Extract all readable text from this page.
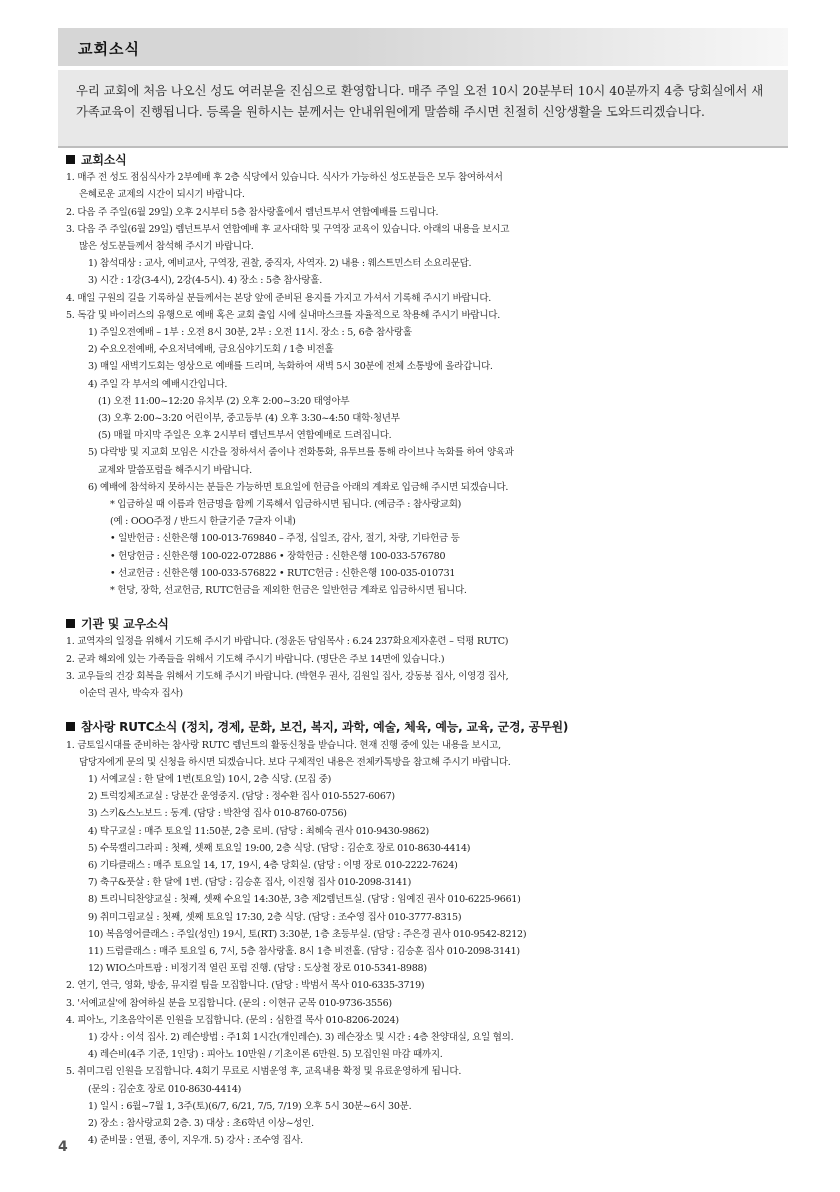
교회소식

우리 교회에 처음 나오신 성도 여러분을 진심으로 환영합니다. 매주 주일 오전 10시 20분부터 10시 40분까지 4층 당회실에서 새가족교육이 진행됩니다. 등록을 원하시는 분께서는 안내위원에게 말씀해 주시면 친절히 신앙생활을 도와드리겠습니다.

교회소식
1. 매주 전 성도 점심식사가 2부예배 후 2층 식당에서 있습니다. 식사가 가능하신 성도분들은 모두 참여하셔서
은혜로운 교제의 시간이 되시기 바랍니다.
2. 다음 주 주일(6월 29일) 오후 2시부터 5층 참사랑홀에서 렘넌트부서 연합예배를 드립니다.
3. 다음 주 주일(6월 29일) 렘넌트부서 연합예배 후 교사대학 및 구역장 교육이 있습니다. 아래의 내용을 보시고
많은 성도분들께서 참석해 주시기 바랍니다.
1) 참석대상 : 교사, 예비교사, 구역장, 권찰, 중직자, 사역자. 2) 내용 : 웨스트민스터 소요리문답.
3) 시간 : 1강(3-4시), 2강(4-5시). 4) 장소 : 5층 참사랑홀.
4. 매일 구원의 길을 기록하실 분들께서는 본당 앞에 준비된 용지를 가지고 가셔서 기록해 주시기 바랍니다.
5. 독감 및 바이러스의 유행으로 예배 혹은 교회 출입 시에 실내마스크를 자율적으로 착용해 주시기 바랍니다.
1) 주일오전예배 – 1부 : 오전 8시 30분, 2부 : 오전 11시. 장소 : 5, 6층 참사랑홀
2) 수요오전예배, 수요저녁예배, 금요심야기도회 / 1층 비전홀
3) 매일 새벽기도회는 영상으로 예배를 드리며, 녹화하여 새벽 5시 30분에 전체 소통방에 올라갑니다.
4) 주일 각 부서의 예배시간입니다.
(1) 오전 11:00~12:20 유치부 (2) 오후 2:00~3:20 태영아부
(3) 오후 2:00~3:20 어린이부, 중고등부 (4) 오후 3:30~4:50 대학·청년부
(5) 매월 마지막 주일은 오후 2시부터 렘넌트부서 연합예배로 드려집니다.
5) 다락방 및 지교회 모임은 시간을 정하셔서 줌이나 전화통화, 유투브를 통해 라이브나 녹화를 하여 양육과
교제와 말씀포럼을 해주시기 바랍니다.
6) 예배에 참석하지 못하시는 분들은 가능하면 토요일에 헌금을 아래의 계좌로 입금해 주시면 되겠습니다.
* 입금하실 때 이름과 헌금명을 함께 기록해서 입금하시면 됩니다. (예금주 : 참사랑교회)
(예 : OOO주정 / 반드시 한글기준 7글자 이내)
• 일반헌금 : 신한은행 100-013-769840 – 주정, 십일조, 감사, 절기, 차량, 기타헌금 등
• 헌당헌금 : 신한은행 100-022-072886 • 장학헌금 : 신한은행 100-033-576780
• 선교헌금 : 신한은행 100-033-576822 • RUTC헌금 : 신한은행 100-035-010731
* 헌당, 장학, 선교헌금, RUTC헌금을 제외한 헌금은 일반헌금 계좌로 입금하시면 됩니다.
기관 및 교우소식
1. 교역자의 일정을 위해서 기도해 주시기 바랍니다. (정윤돈 담임목사 : 6.24 237화요제자훈련 – 덕평 RUTC)
2. 군과 해외에 있는 가족들을 위해서 기도해 주시기 바랍니다. (명단은 주보 14면에 있습니다.)
3. 교우들의 건강 회복을 위해서 기도해 주시기 바랍니다. (박현우 권사, 김원일 집사, 강동봉 집사, 이영경 집사,
이순덕 권사, 박숙자 집사)
참사랑 RUTC소식 (정치, 경제, 문화, 보건, 복지, 과학, 예술, 체육, 예능, 교육, 군경, 공무원)
1. 금토일시대를 준비하는 참사랑 RUTC 렘넌트의 활동신청을 받습니다. 현재 진행 중에 있는 내용을 보시고,
담당자에게 문의 및 신청을 하시면 되겠습니다. 보다 구체적인 내용은 전체카톡방을 참고해 주시기 바랍니다.
1) 서예교실 : 한 달에 1번(토요일) 10시, 2층 식당. (모집 중)
2) 트럭킹체조교실 : 당분간 운영중지. (담당 : 정수환 집사 010-5527-6067)
3) 스키&스노보드 : 동계. (담당 : 박찬영 집사 010-8760-0756)
4) 탁구교실 : 매주 토요일 11:50분, 2층 로비. (담당 : 최혜숙 권사 010-9430-9862)
5) 수묵캘리그라피 : 첫째, 셋째 토요일 19:00, 2층 식당. (담당 : 김순호 장로 010-8630-4414)
6) 기타클래스 : 매주 토요일 14, 17, 19시, 4층 당회실. (담당 : 이명 장로 010-2222-7624)
7) 축구&풋살 : 한 달에 1번. (담당 : 김승훈 집사, 이진형 집사 010-2098-3141)
8) 트리니티찬양교실 : 첫째, 셋째 수요일 14:30분, 3층 제2렘넌트실. (담당 : 임예진 권사 010-6225-9661)
9) 취미그림교실 : 첫째, 셋째 토요일 17:30, 2층 식당. (담당 : 조수영 집사 010-3777-8315)
10) 복음영어클래스 : 주일(성인) 19시, 토(RT) 3:30분, 1층 초등부실. (담당 : 주은경 권사 010-9542-8212)
11) 드럼클래스 : 매주 토요일 6, 7시, 5층 참사랑홀. 8시 1층 비전홀. (담당 : 김승훈 집사 010-2098-3141)
12) WIO스마트팜 : 비정기적 열린 포럼 진행. (담당 : 도상철 장로 010-5341-8988)
2. 연기, 연극, 영화, 방송, 뮤지컬 팀을 모집합니다. (담당 : 박범서 목사 010-6335-3719)
3. '서예교실'에 참여하실 분을 모집합니다. (문의 : 이현규 군목 010-9736-3556)
4. 피아노, 기초음악이론 인원을 모집합니다. (문의 : 심한결 목사 010-8206-2024)
1) 강사 : 이석 집사. 2) 레슨방법 : 주1회 1시간(개인레슨). 3) 레슨장소 및 시간 : 4층 찬양대실, 요일 협의.
4) 레슨비(4주 기준, 1인당) : 피아노 10만원 / 기초이론 6만원. 5) 모집인원 마감 때까지.
5. 취미그림 인원을 모집합니다. 4회기 무료로 시범운영 후, 교육내용 확정 및 유료운영하게 됩니다.
(문의 : 김순호 장로 010-8630-4414)
1) 일시 : 6월~7월 1, 3주(토)(6/7, 6/21, 7/5, 7/19) 오후 5시 30분~6시 30분.
2) 장소 : 참사랑교회 2층. 3) 대상 : 초6학년 이상~성인.
4) 준비물 : 연필, 종이, 지우개. 5) 강사 : 조수영 집사.
4
